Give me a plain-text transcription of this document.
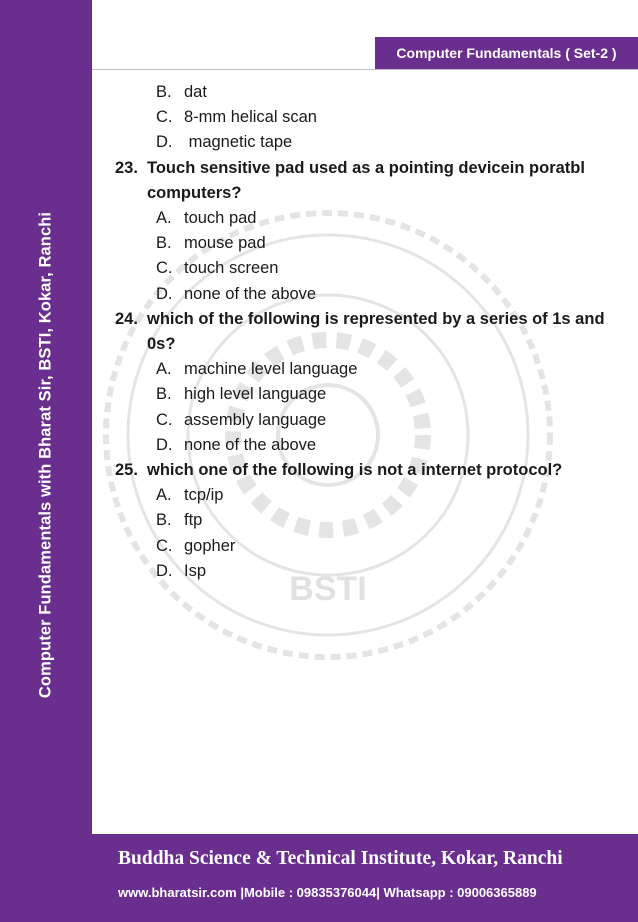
Computer Fundamentals with Bharat Sir, BSTI, Kokar, Ranchi
Computer Fundamentals ( Set-2 )
BSTI
B. dat
C. 8-mm helical scan
D. magnetic tape
23. Touch sensitive pad used as a pointing devicein poratbl computers?
A. touch pad
B. mouse pad
C. touch screen
D. none of the above
24. which of the following is represented by a series of 1s and 0s?
A. machine level language
B. high level language
C. assembly language
D. none of the above
25. which one of the following is not a internet protocol?
A. tcp/ip
B. ftp
C. gopher
D. Isp
Buddha Science & Technical Institute, Kokar, Ranchi
www.bharatsir.com |Mobile : 09835376044| Whatsapp : 09006365889
